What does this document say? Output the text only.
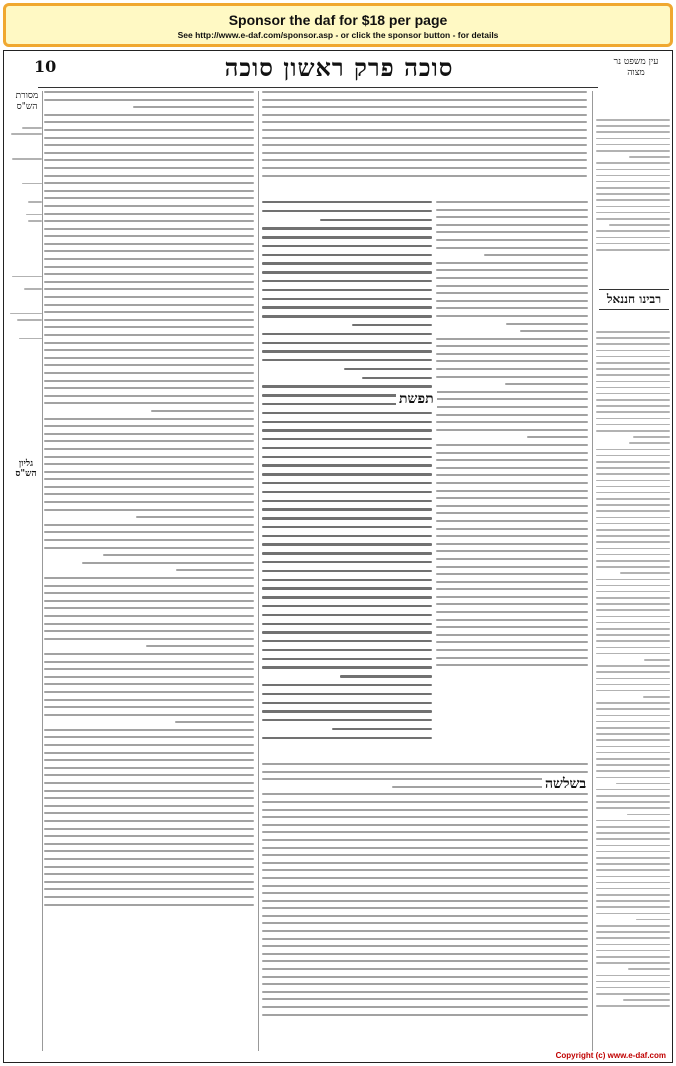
Sponsor the daf for $18 per page
See http://www.e-daf.com/sponsor.asp - or click the sponsor button - for details
10	סוכה פרק ראשון סוכה	עין משפט נר מצוה
מסורת הש"ס
תפשת
בשלשה
רבינו חננאל
גליון הש"ס
Copyright (c) www.e-daf.com
